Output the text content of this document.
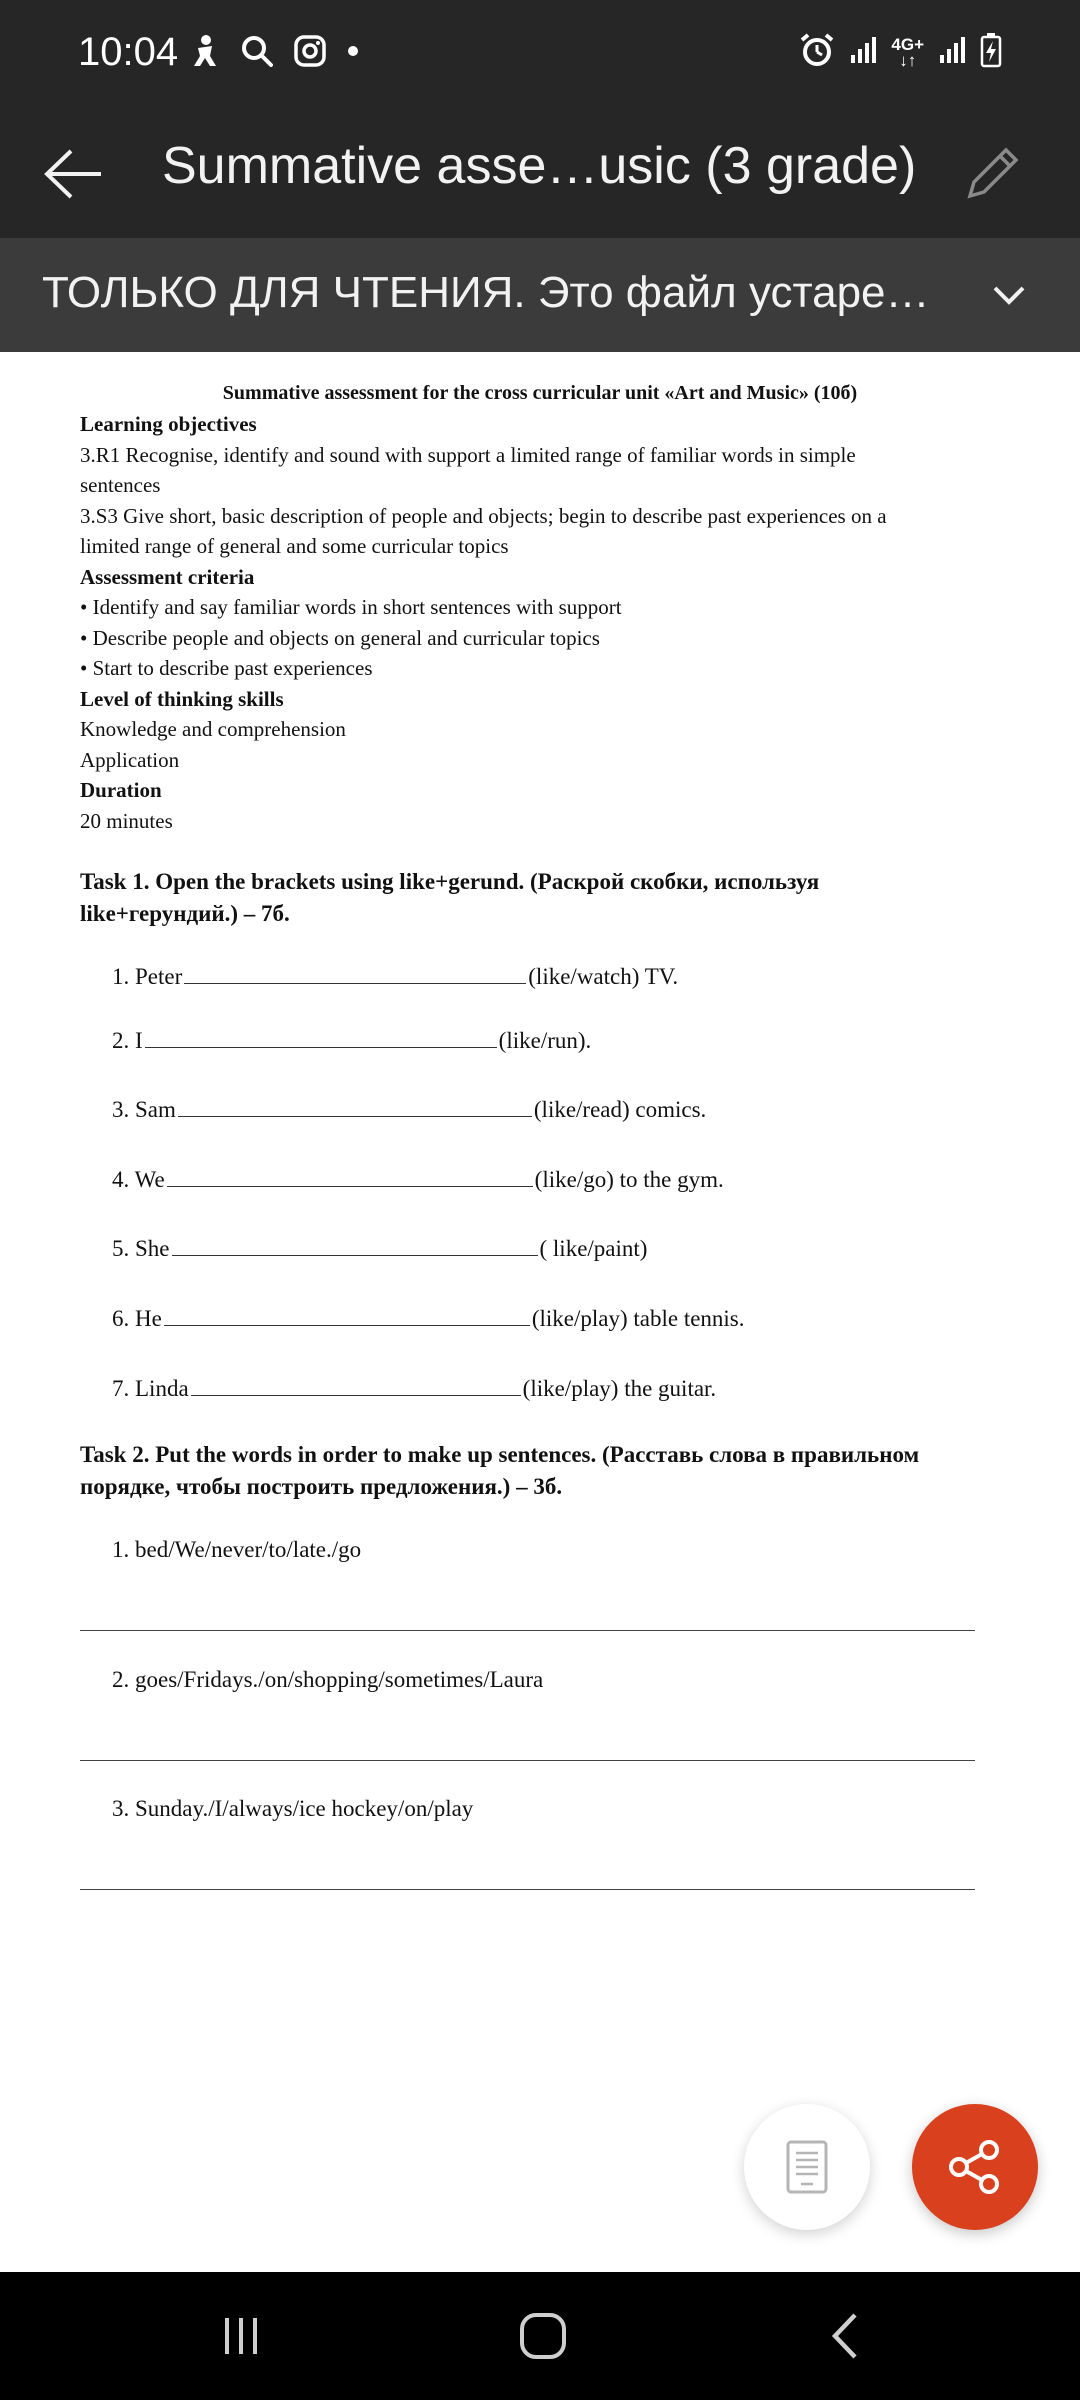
10:04	4G+
↓↑
Summative asse…usic (3 grade)
ТОЛЬКО ДЛЯ ЧТЕНИЯ. Это файл устаре…
Summative assessment for the cross curricular unit «Art and Music» (10б)
Learning objectives
3.R1 Recognise, identify and sound with support a limited range of familiar words in simple
sentences
3.S3 Give short, basic description of people and objects; begin to describe past experiences on a
limited range of general and some curricular topics
Assessment criteria
• Identify and say familiar words in short sentences with support
• Describe people and objects on general and curricular topics
• Start to describe past experiences
Level of thinking skills
Knowledge and comprehension
Application
Duration
20 minutes
Task 1. Open the brackets using like+gerund. (Раскрой скобки, используя
like+герундий.) – 7б.
1. Peter	(like/watch) TV.
2. I	(like/run).
3. Sam	(like/read) comics.
4. We	(like/go) to the gym.
5. She	( like/paint)
6. He	(like/play) table tennis.
7. Linda	(like/play) the guitar.
Task 2. Put the words in order to make up sentences. (Расставь слова в правильном
порядке, чтобы построить предложения.) – 3б.
1. bed/We/never/to/late./go
2. goes/Fridays./on/shopping/sometimes/Laura
3. Sunday./I/always/ice hockey/on/play
